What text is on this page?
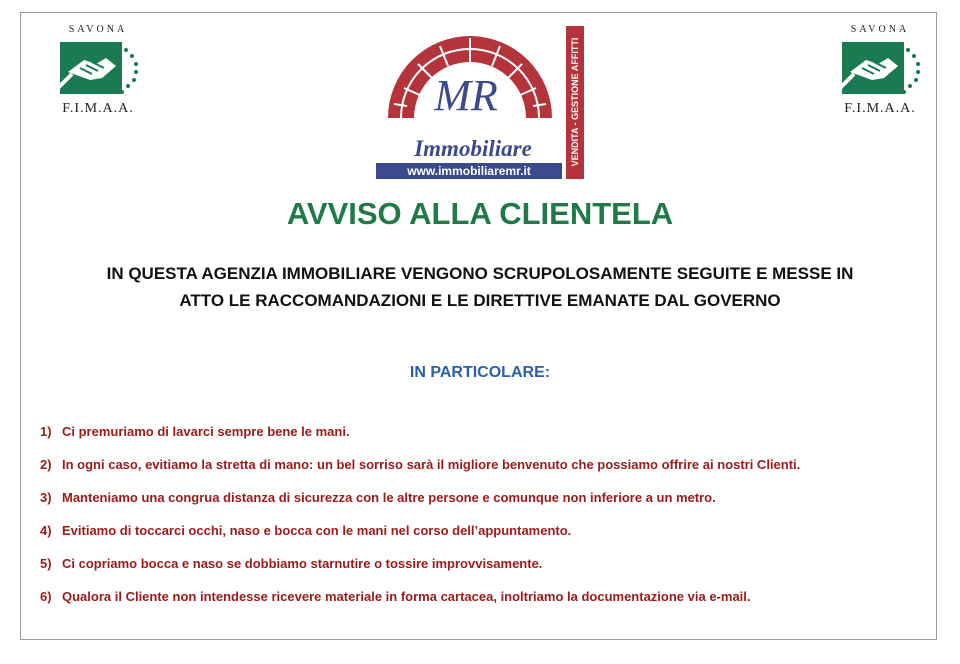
SAVONA
F.I.M.A.A.
SAVONA
F.I.M.A.A.
MR
Immobiliare
www.immobiliaremr.it
VENDITA - GESTIONE AFFITTI
AVVISO ALLA CLIENTELA

IN QUESTA AGENZIA IMMOBILIARE VENGONO SCRUPOLOSAMENTE SEGUITE E MESSE IN
ATTO LE RACCOMANDAZIONI E LE DIRETTIVE EMANATE DAL GOVERNO

IN PARTICOLARE:
1) Ci premuriamo di lavarci sempre bene le mani.
2) In ogni caso, evitiamo la stretta di mano: un bel sorriso sarà il migliore benvenuto che possiamo offrire ai nostri Clienti.
3) Manteniamo una congrua distanza di sicurezza con le altre persone e comunque non inferiore a un metro.
4) Evitiamo di toccarci occhi, naso e bocca con le mani nel corso dell’appuntamento.
5) Ci copriamo bocca e naso se dobbiamo starnutire o tossire improvvisamente.
6) Qualora il Cliente non intendesse ricevere materiale in forma cartacea, inoltriamo la documentazione via e-mail.
